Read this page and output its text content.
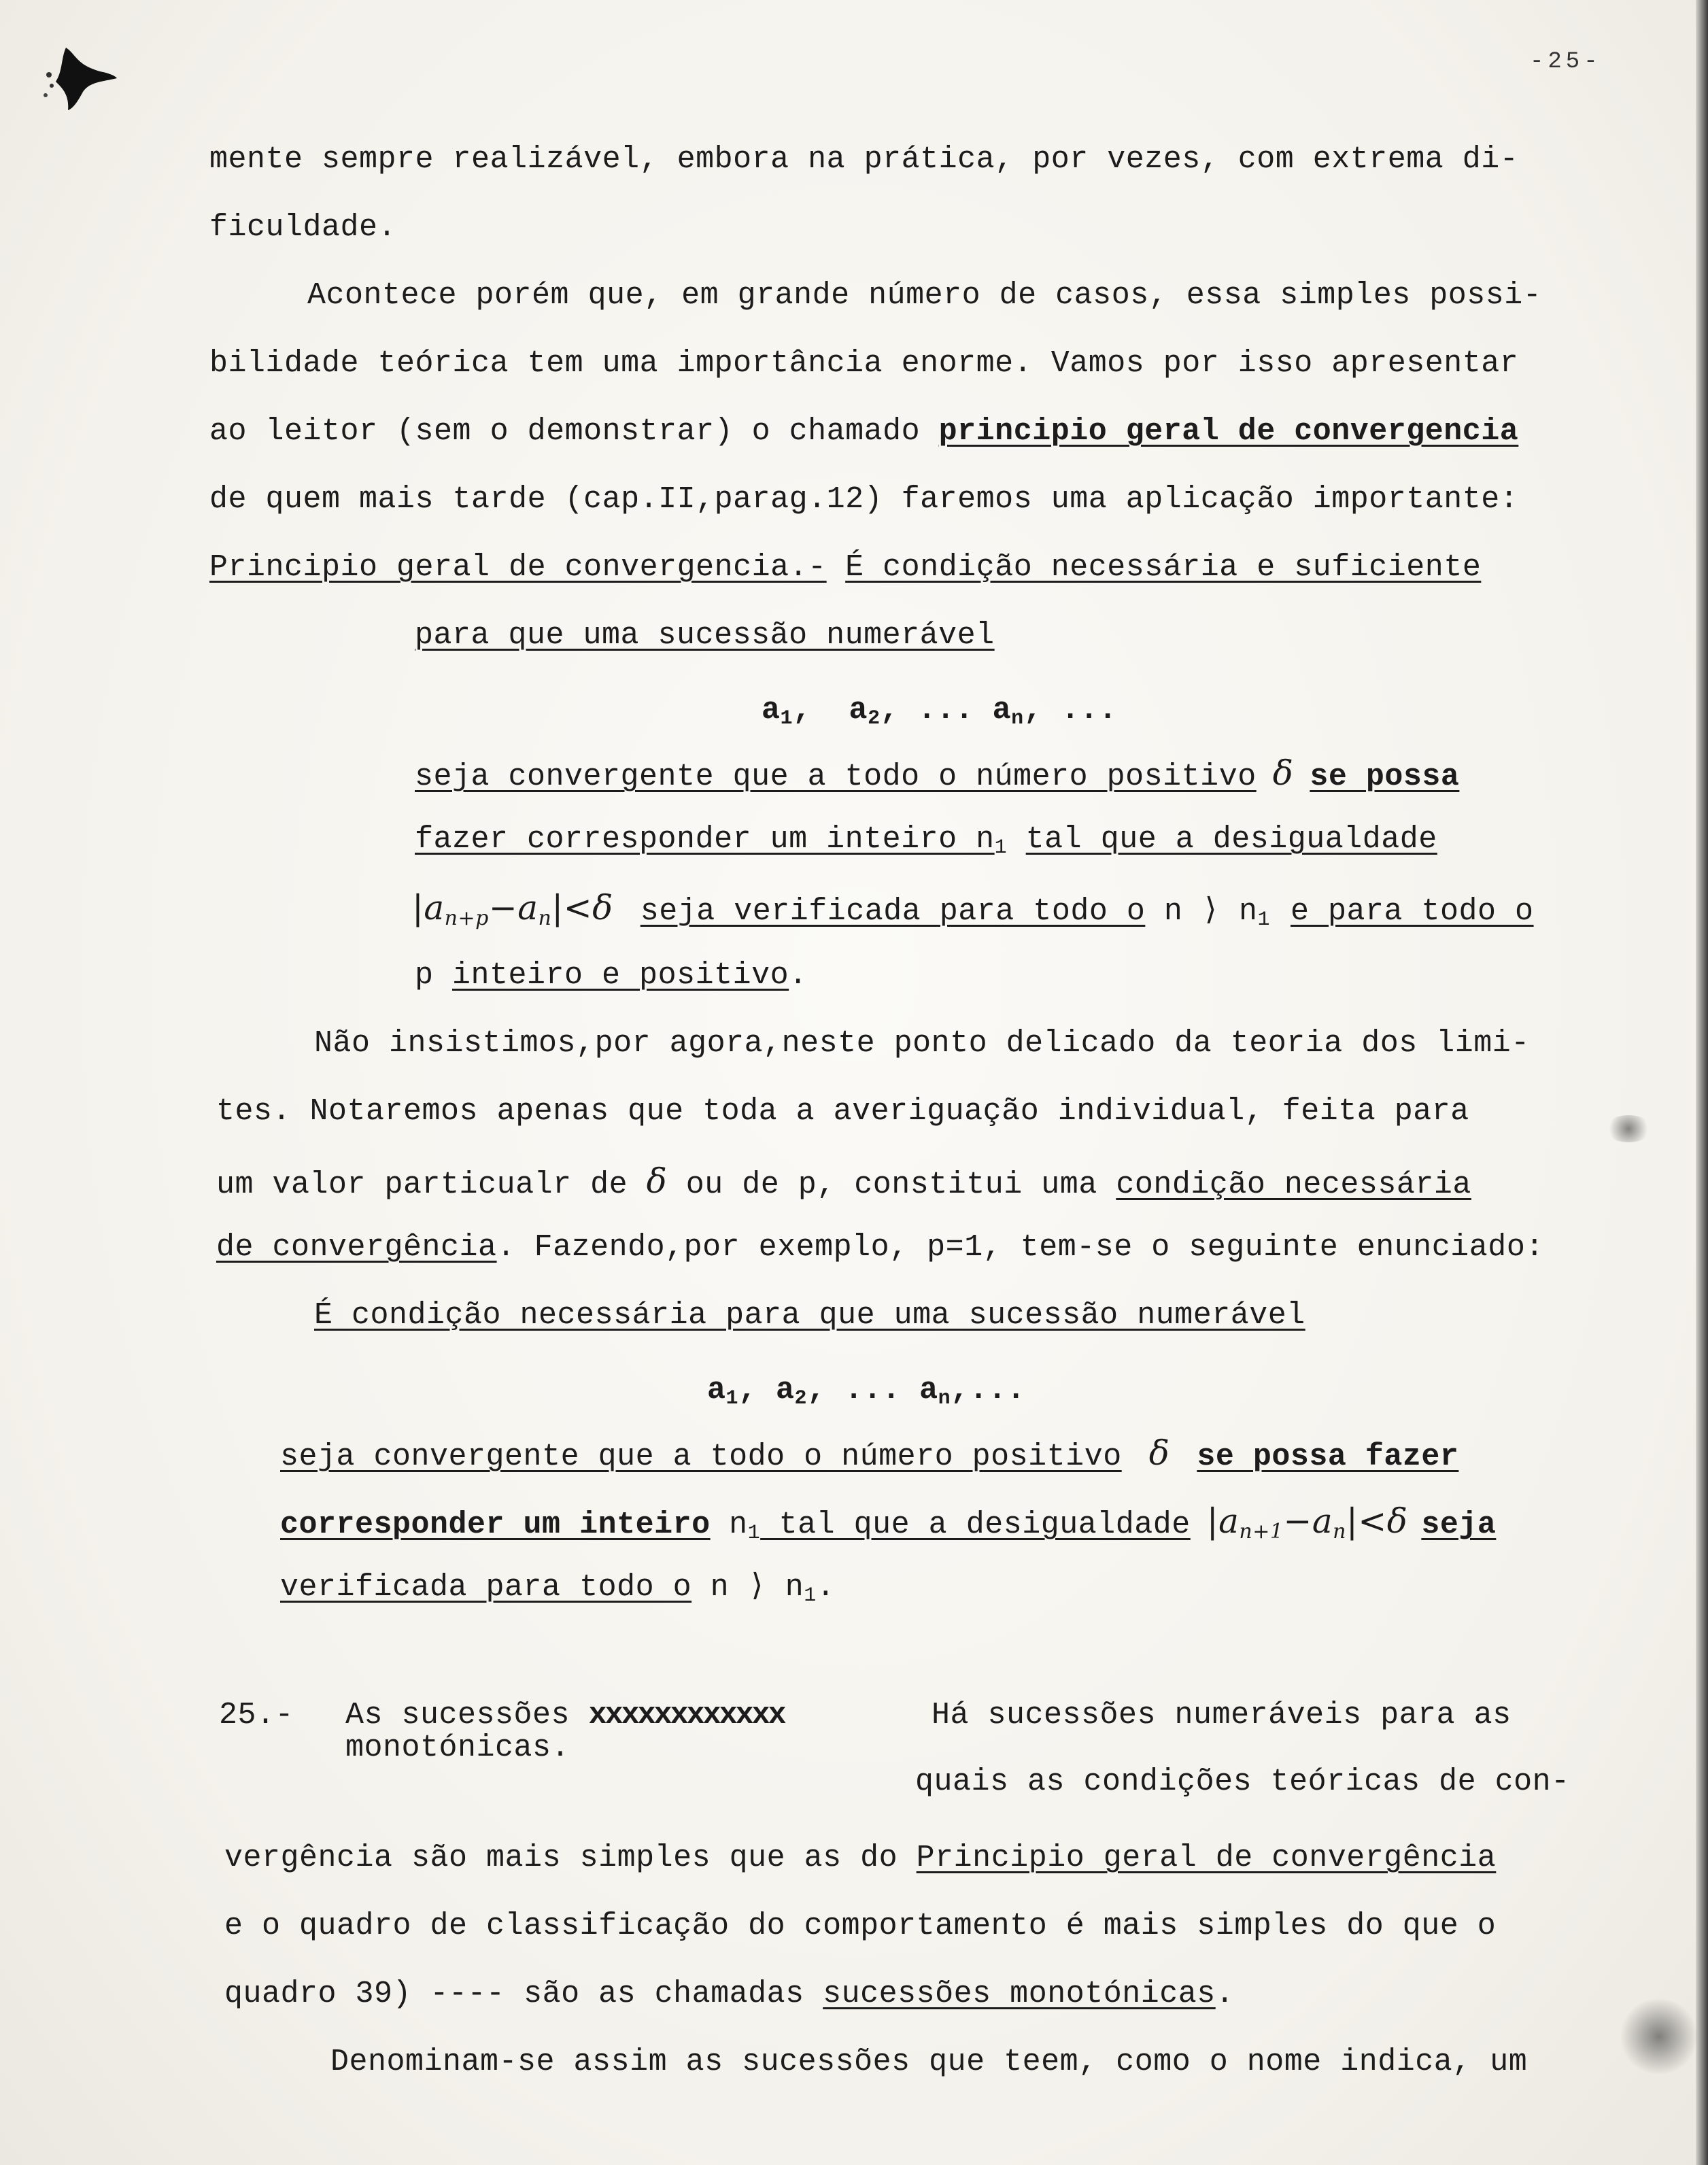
-25-
mente sempre realizável, embora na prática, por vezes, com extrema di-
ficuldade.
Acontece porém que, em grande número de casos, essa simples possi-
bilidade teórica tem uma importância enorme. Vamos por isso apresentar
ao leitor (sem o demonstrar) o chamado principio geral de convergencia
de quem mais tarde (cap.II,parag.12) faremos uma aplicação importante:
Principio geral de convergencia.- É condição necessária e suficiente
para que uma sucessão numerável
$a_1$,  $a_2$, ... $a_n$, ...
seja convergente que a todo o número positivo δ se possa
fazer corresponder um inteiro $n_1$ tal que a desigualdade
$|a_{n+p}-a_n|<\delta$ seja verificada para todo o n ⟩ $n_1$ e para todo o
p inteiro e positivo.
Não insistimos,por agora,neste ponto delicado da teoria dos limi-
tes. Notaremos apenas que toda a averiguação individual, feita para
um valor particualr de δ ou de p, constitui uma condição necessária
de convergência. Fazendo,por exemplo, p=1, tem-se o seguinte enunciado:
É condição necessária para que uma sucessão numerável
$a_1$, $a_2$, ... $a_n$,...
seja convergente que a todo o número positivo δ se possa fazer
corresponder um inteiro $n_1$ tal que a desigualdade $|a_{n+1}-a_n|<\delta$ seja
verificada para todo o n ⟩ $n_1$.
25.- As sucessões xxxxxxxxxxxx
monotónicas.
Há sucessões numeráveis para as
quais as condições teóricas de con-
vergência são mais simples que as do Principio geral de convergência
e o quadro de classificação do comportamento é mais simples do que o
quadro 39) ---- são as chamadas sucessões monotónicas.
Denominam-se assim as sucessões que teem, como o nome indica, um
